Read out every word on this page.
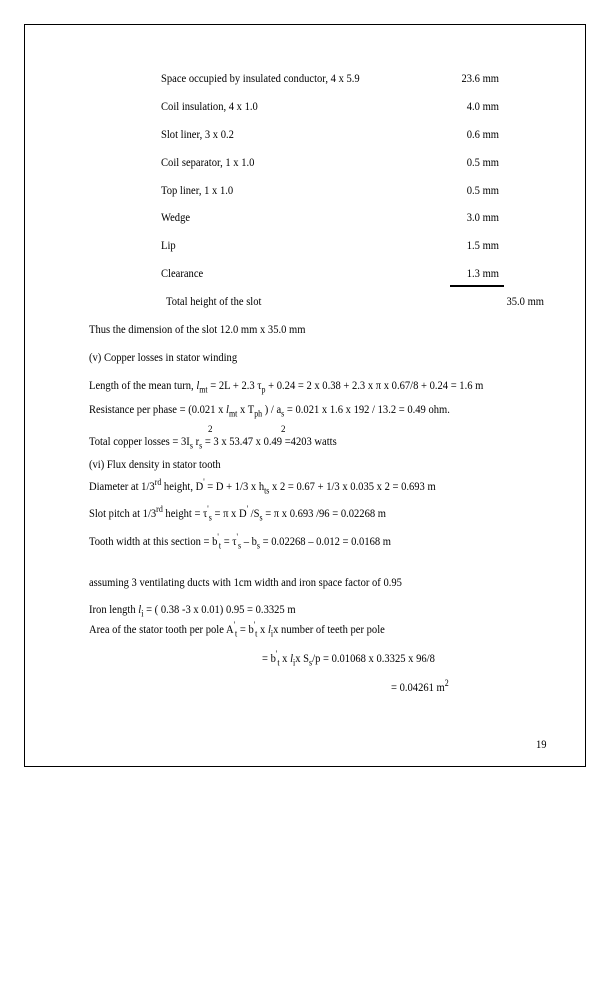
Space occupied by insulated conductor, 4 x 5.9	23.6 mm
Coil insulation, 4 x 1.0	4.0 mm
Slot liner, 3 x 0.2	0.6 mm
Coil separator, 1 x 1.0	0.5 mm
Top liner, 1 x 1.0	0.5 mm
Wedge	3.0 mm
Lip	1.5 mm
Clearance	1.3 mm
Total height of the slot	35.0 mm
Thus the dimension of the slot 12.0 mm x 35.0 mm
(v) Copper losses in stator winding
Length of the mean turn, $l_{mt} = 2L + 2.3$ $\tau_p + 0.24 = 2$ x 0.38 + 2.3 x π x 0.67/8 + 0.24 = 1.6 m
Resistance per phase = (0.021 x $l_{mt}$ x $T_{ph}$ ) / $a_s = 0.021$ x 1.6 x 192 / 13.2 = 0.49 ohm.
2	2
Total copper losses = $3I_s$ $r_s = 3$ x 53.47 x 0.49 =4203 watts
(vi) Flux density in stator tooth
Diameter at 1/3rd height, D' = D + 1/3 x $h_{ts}$ x 2 = 0.67 + 1/3 x 0.035 x 2 = 0.693 m
Slot pitch at 1/3rd height = $\tau'_s = \pi$ x D' $/S_s = \pi$ x 0.693 /96 = 0.02268 m
Tooth width at this section = $b'_t = \tau'_s - b_s = 0.02268 - 0.012 = 0.0168$ m
assuming 3 ventilating ducts with 1cm width and iron space factor of 0.95
Iron length $l_i$ = ( 0.38 -3 x 0.01) 0.95 = 0.3325 m
Area of the stator tooth per pole $A'_t = b'_t$ x $l_ix$ number of teeth per pole
= $b'_t$ x $l_ix$ $S_s/p = 0.01068$ x 0.3325 x 96/8
= 0.04261 $m^2$
19
